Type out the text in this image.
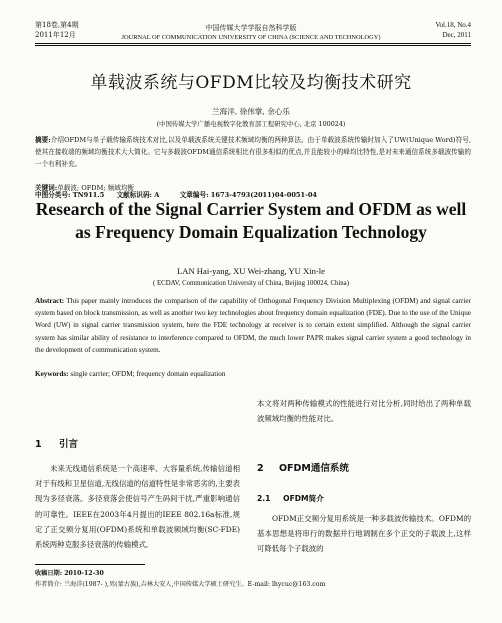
第18卷,第4期
2011年12月
中国传媒大学学报自然科学版
JOURNAL OF COMMUNICATION UNIVERSITY OF CHINA (SCIENCE AND TECHNOLOGY)
Vol.18, No.4
Dec, 2011
单载波系统与OFDM比较及均衡技术研究
兰海洋, 徐伟掌, 余心乐
(中国传媒大学广播电视数字化教育部工程研究中心, 北京 100024)
摘要:介绍OFDM与单子载传输系统技术对比,以及单载波系统关键技术频域均衡的两种算法。由于单载波系统传输时加入了UW(Unique Word)符号,使其在接收端的频域均衡技术大大简化。它与多载波OFDM通信系统相比有很多相似的优点,并且能较小的峰均比特性,是对未来通信系统多载波传输的一个有利补充。
关键词:单载波; OFDM; 频域均衡
中图分类号: TN911.5 文献标识码: A	文章编号: 1673-4793(2011)04-0051-04
Research of the Signal Carrier System and OFDM as well
as Frequency Domain Equalization Technology
LAN Hai-yang, XU Wei-zhang, YU Xin-le
( ECDAV, Communication University of China, Beijing 100024, China)
Abstract: This paper mainly introduces the comparison of the capability of Orthogonal Frequency Division Multiplexing (OFDM) and signal carrier system based on block transmission, as well as another two key technologies about frequency domain equalization (FDE). Due to the use of the Unique Word (UW) in signal carrier transmission system, here the FDE technology at receiver is to certain extent simplified. Although the signal carrier system has similar ability of resistance to interference compared to OFDM, the much lower PAPR makes signal carrier system a good technology in the development of communication system.
Keywords: single carrier; OFDM; frequency domain equalization
1 引言
未来无线通信系统是一个高速率、大容量系统,传输信道相对于有线和卫星信道,无线信道的信道特性是非常恶劣的,主要表现为多径衰落。多径衰落会使信号产生码间干扰,严重影响通信的可靠性。IEEE在2003年4月提出的IEEE 802.16a标准,规定了正交频分复用(OFDM)系统和单载波频域均衡(SC-FDE)系统两种克服多径衰落的传输模式,
本文将对两种传输模式的性能进行对比分析,同时给出了两种单载波频域均衡的性能对比。
2 OFDM通信系统
2.1 OFDM简介
OFDM正交频分复用系统是一种多载波传输技术。OFDM的基本思想是将串行的数据并行地调制在多个正交的子载波上,这样可降低每个子载波的
收稿日期: 2010-12-30
作者简介: 兰海洋(1987- ),男(蒙古族),吉林大安人,中国传媒大学硕士研究生。E-mail: lhycuc@163.com
